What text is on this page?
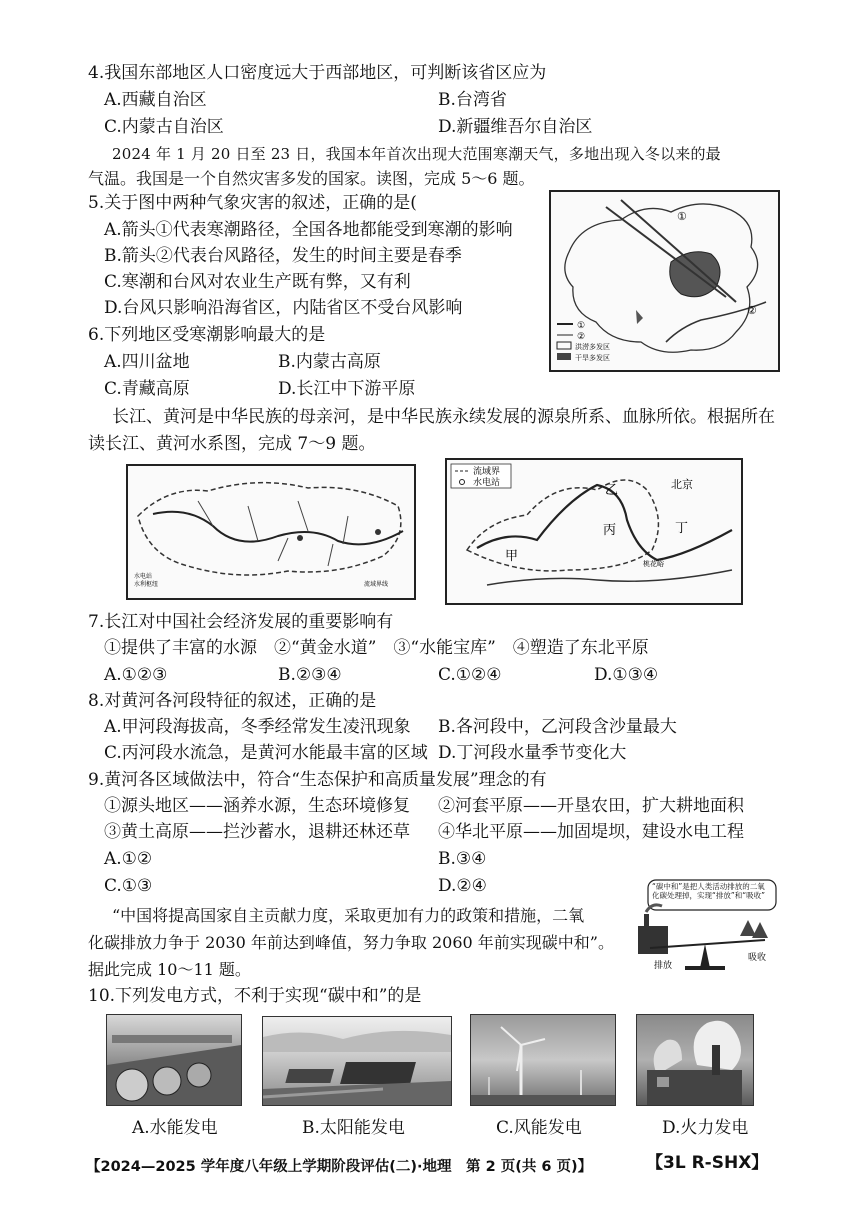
4.我国东部地区人口密度远大于西部地区，可判断该省区应为
A.西藏自治区	B.台湾省
C.内蒙古自治区	D.新疆维吾尔自治区
2024 年 1 月 20 日至 23 日，我国本年首次出现大范围寒潮天气，多地出现入冬以来的最
气温。我国是一个自然灾害多发的国家。读图，完成 5～6 题。
5.关于图中两种气象灾害的叙述，正确的是(
A.箭头①代表寒潮路径，全国各地都能受到寒潮的影响
B.箭头②代表台风路径，发生的时间主要是春季
C.寒潮和台风对农业生产既有弊，又有利
D.台风只影响沿海省区，内陆省区不受台风影响
①
②
①
②
洪涝多发区
干旱多发区
6.下列地区受寒潮影响最大的是
A.四川盆地	B.内蒙古高原
C.青藏高原	D.长江中下游平原
长江、黄河是中华民族的母亲河，是中华民族永续发展的源泉所系、血脉所依。根据所在
读长江、黄河水系图，完成 7～9 题。
水电站
水利枢纽	流域界线
流域界
水电站
甲
乙
丙	丁
北京
桃花峪
7.长江对中国社会经济发展的重要影响有
①提供了丰富的水源　②“黄金水道”　③“水能宝库”　④塑造了东北平原
A.①②③	B.②③④	C.①②④	D.①③④
8.对黄河各河段特征的叙述，正确的是
A.甲河段海拔高，冬季经常发生凌汛现象 B.各河段中，乙河段含沙量最大
C.丙河段水流急，是黄河水能最丰富的区域 D.丁河段水量季节变化大
9.黄河各区域做法中，符合“生态保护和高质量发展”理念的有
①源头地区——涵养水源，生态环境修复 ②河套平原——开垦农田，扩大耕地面积
③黄土高原——拦沙蓄水，退耕还林还草 ④华北平原——加固堤坝，建设水电工程
A.①②	B.③④
C.①③	D.②④
“中国将提高国家自主贡献力度，采取更加有力的政策和措施，二氧
化碳排放力争于 2030 年前达到峰值，努力争取 2060 年前实现碳中和”。
据此完成 10～11 题。
“碳中和”是把人类活动排放的二氧化碳处理掉，实现“排放”和“吸收”
排放
吸收
10.下列发电方式，不利于实现“碳中和”的是
A.水能发电	B.太阳能发电	C.风能发电	D.火力发电
【2024—2025 学年度八年级上学期阶段评估(二)·地理　第 2 页(共 6 页)】	【3L R-SHX】
